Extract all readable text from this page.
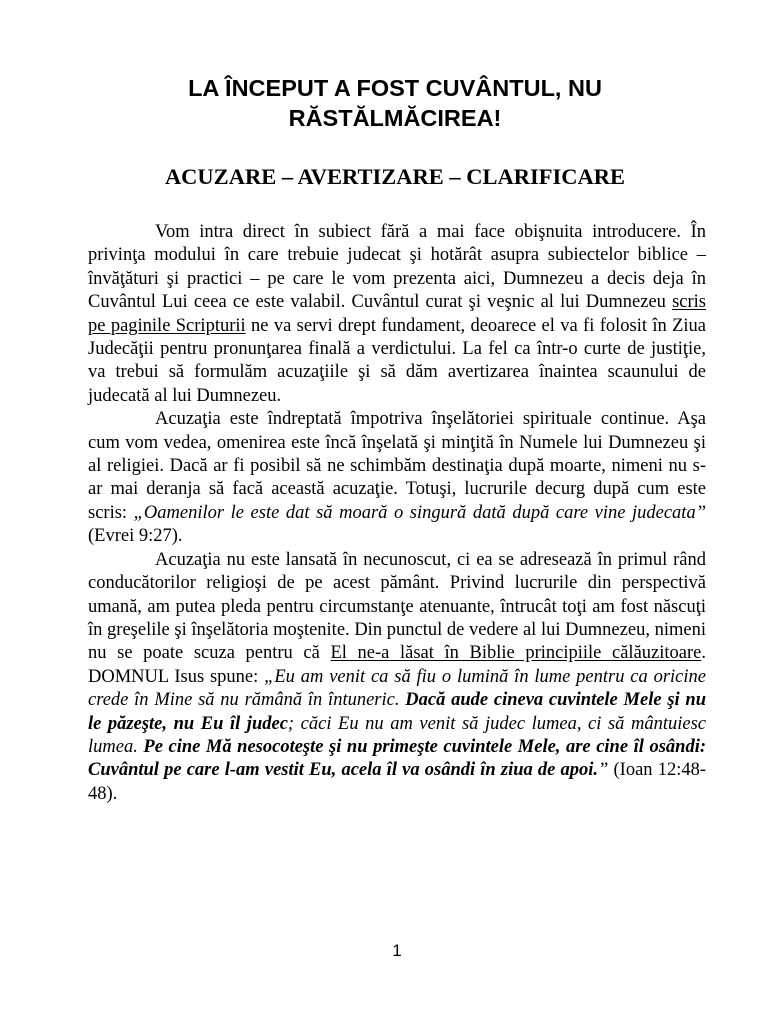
LA ÎNCEPUT A FOST CUVÂNTUL, NU RĂSTĂLMĂCIREA!
ACUZARE – AVERTIZARE – CLARIFICARE

Vom intra direct în subiect fără a mai face obişnuita introducere. În privinţa modului în care trebuie judecat şi hotărât asupra subiectelor biblice – învăţături şi practici – pe care le vom prezenta aici, Dumnezeu a decis deja în Cuvântul Lui ceea ce este valabil. Cuvântul curat şi veşnic al lui Dumnezeu scris pe paginile Scripturii ne va servi drept fundament, deoarece el va fi folosit în Ziua Judecăţii pentru pronunţarea finală a verdictului. La fel ca într-o curte de justiţie, va trebui să formulăm acuzaţiile şi să dăm avertizarea înaintea scaunului de judecată al lui Dumnezeu.

Acuzaţia este îndreptată împotriva înşelătoriei spirituale continue. Aşa cum vom vedea, omenirea este încă înşelată şi minţită în Numele lui Dumnezeu şi al religiei. Dacă ar fi posibil să ne schimbăm destinaţia după moarte, nimeni nu s-ar mai deranja să facă această acuzaţie. Totuşi, lucrurile decurg după cum este scris: „Oamenilor le este dat să moară o singură dată după care vine judecata” (Evrei 9:27).

Acuzaţia nu este lansată în necunoscut, ci ea se adresează în primul rând conducătorilor religioşi de pe acest pământ. Privind lucrurile din perspectivă umană, am putea pleda pentru circumstanţe atenuante, întrucât toţi am fost născuţi în greşelile şi înşelătoria moştenite. Din punctul de vedere al lui Dumnezeu, nimeni nu se poate scuza pentru că El ne-a lăsat în Biblie principiile călăuzitoare. DOMNUL Isus spune: „Eu am venit ca să fiu o lumină în lume pentru ca oricine crede în Mine să nu rămână în întuneric. Dacă aude cineva cuvintele Mele şi nu le păzeşte, nu Eu îl judec; căci Eu nu am venit să judec lumea, ci să mântuiesc lumea. Pe cine Mă nesocoteşte şi nu primeşte cuvintele Mele, are cine îl osândi: Cuvântul pe care l-am vestit Eu, acela îl va osândi în ziua de apoi.” (Ioan 12:48-48).

1
